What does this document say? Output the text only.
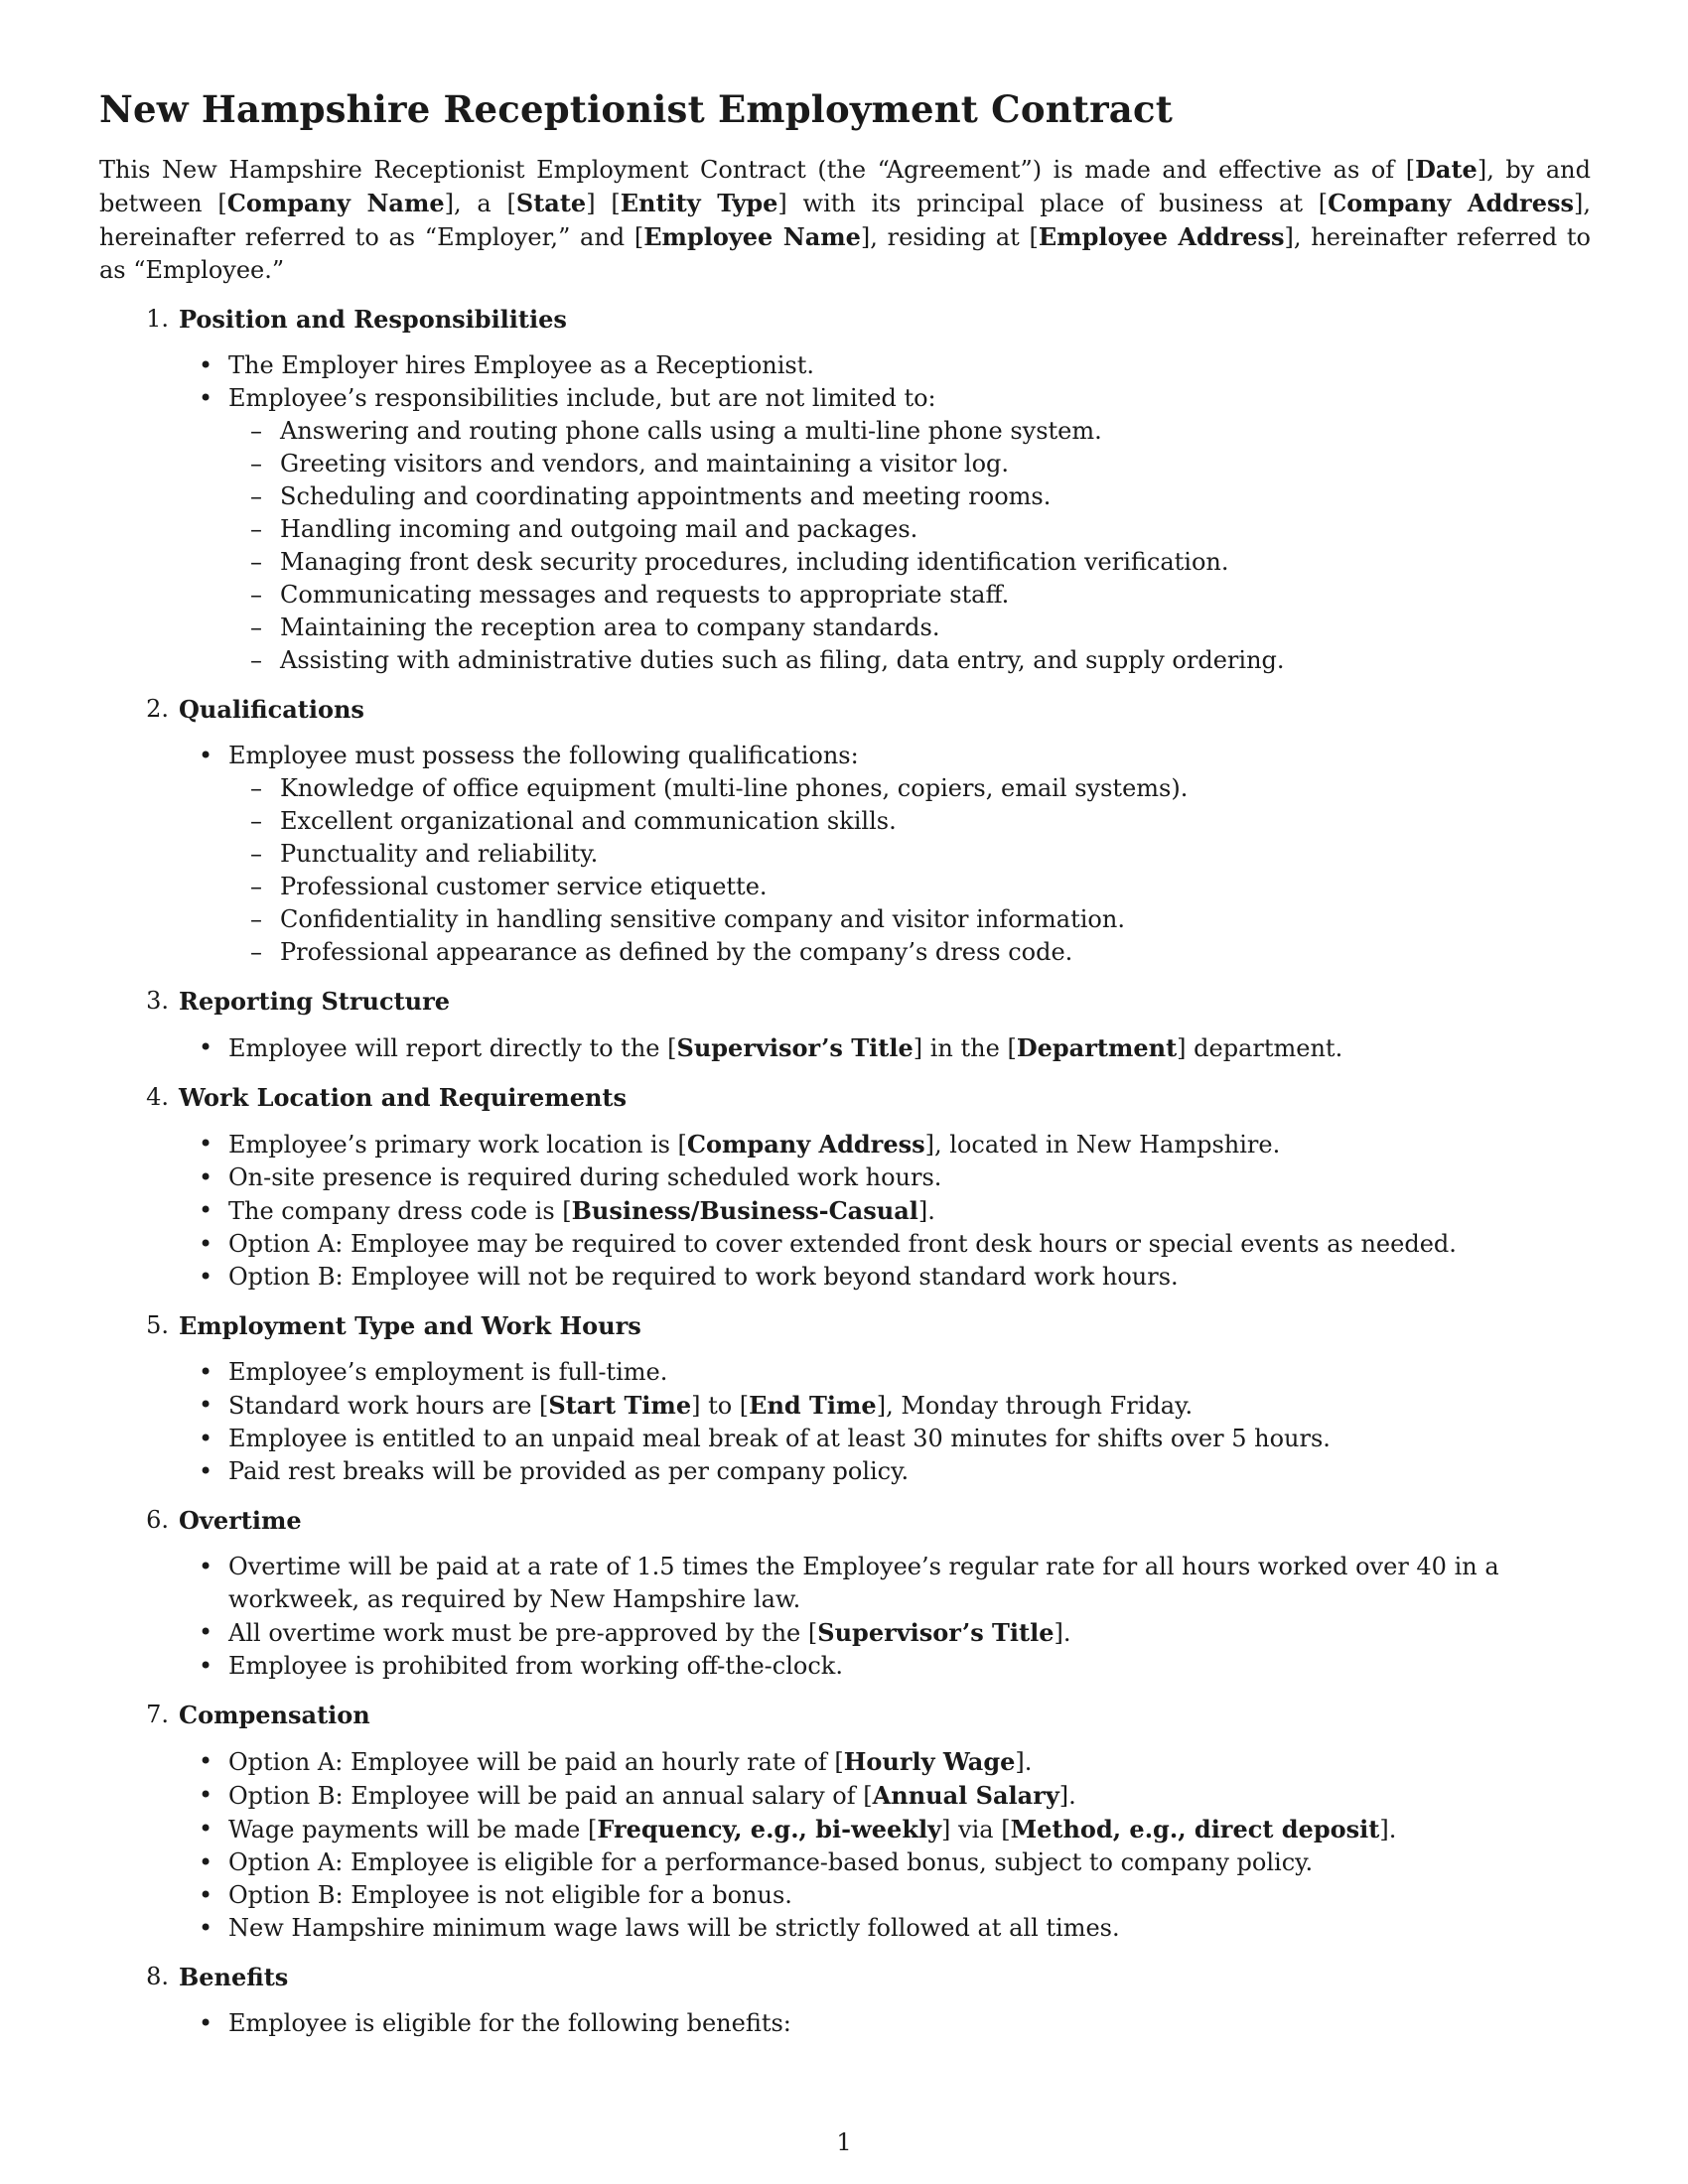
New Hampshire Receptionist Employment Contract

This New Hampshire Receptionist Employment Contract (the “Agreement”) is made and effective as of [Date], by and between [Company Name], a [State] [Entity Type] with its principal place of business at [Company Address], hereinafter referred to as “Employer,” and [Employee Name], residing at [Employee Address], hereinafter referred to as “Employee.”

1. Position and Responsibilities
• The Employer hires Employee as a Receptionist.
• Employee’s responsibilities include, but are not limited to:
– Answering and routing phone calls using a multi-line phone system.
– Greeting visitors and vendors, and maintaining a visitor log.
– Scheduling and coordinating appointments and meeting rooms.
– Handling incoming and outgoing mail and packages.
– Managing front desk security procedures, including identification verification.
– Communicating messages and requests to appropriate staff.
– Maintaining the reception area to company standards.
– Assisting with administrative duties such as filing, data entry, and supply ordering.
2. Qualifications
• Employee must possess the following qualifications:
– Knowledge of office equipment (multi-line phones, copiers, email systems).
– Excellent organizational and communication skills.
– Punctuality and reliability.
– Professional customer service etiquette.
– Confidentiality in handling sensitive company and visitor information.
– Professional appearance as defined by the company’s dress code.
3. Reporting Structure
• Employee will report directly to the [Supervisor’s Title] in the [Department] department.
4. Work Location and Requirements
• Employee’s primary work location is [Company Address], located in New Hampshire.
• On-site presence is required during scheduled work hours.
• The company dress code is [Business/Business-Casual].
• Option A: Employee may be required to cover extended front desk hours or special events as needed.
• Option B: Employee will not be required to work beyond standard work hours.
5. Employment Type and Work Hours
• Employee’s employment is full-time.
• Standard work hours are [Start Time] to [End Time], Monday through Friday.
• Employee is entitled to an unpaid meal break of at least 30 minutes for shifts over 5 hours.
• Paid rest breaks will be provided as per company policy.
6. Overtime
• Overtime will be paid at a rate of 1.5 times the Employee’s regular rate for all hours worked over 40 in a workweek, as required by New Hampshire law.
• All overtime work must be pre-approved by the [Supervisor’s Title].
• Employee is prohibited from working off-the-clock.
7. Compensation
• Option A: Employee will be paid an hourly rate of [Hourly Wage].
• Option B: Employee will be paid an annual salary of [Annual Salary].
• Wage payments will be made [Frequency, e.g., bi-weekly] via [Method, e.g., direct deposit].
• Option A: Employee is eligible for a performance-based bonus, subject to company policy.
• Option B: Employee is not eligible for a bonus.
• New Hampshire minimum wage laws will be strictly followed at all times.
8. Benefits
• Employee is eligible for the following benefits:
1
